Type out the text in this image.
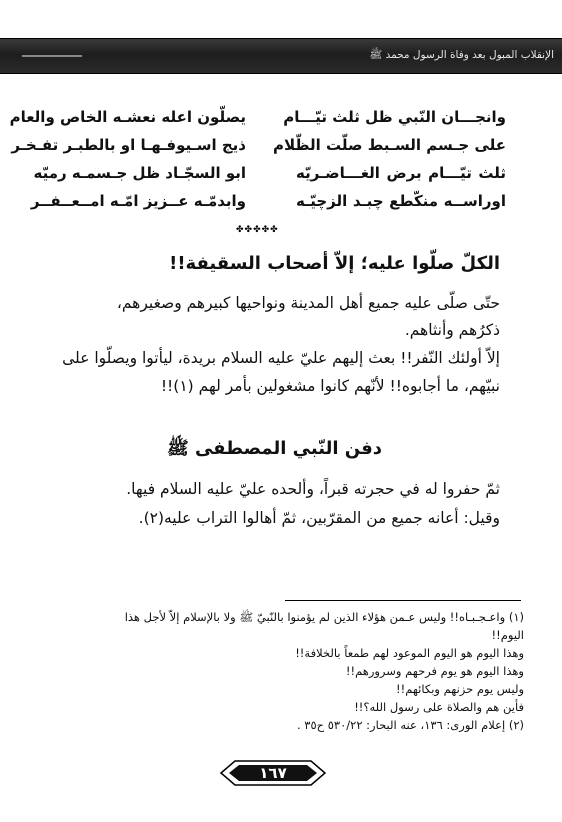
الإنقلاب المبول بعد وفاة الرسول محمد ﷺ
وانجـــان النّبي ظل ثلث تيّـــام
يصلّون اعله نعشـه الخاص والعام
على جـسم السـبط صلّت الظّلام
ذيج اسـيوفـهـا او بالطبـر تفـخـر
ثلث تيّـــام برض الغـــاضـريّه
ابو السجّـاد ظل جـسمـه رميّه
اوراســه منكّطع چبـد الزچيّـه
وابدمّـه عــزيز امّـه امــعــفــر
✤✤✤✤✤
الكلّ صلّوا عليه؛ إلاّ أصحاب السقيفة!!
حتّى صلّى عليه جميع أهل المدينة ونواحيها كبيرهم وصغيرهم،
ذكرُهم وأنثاهم.
إلاّ أولئك النّفر!! بعث إليهم عليّ عليه السلام بريدة، ليأتوا ويصلّوا على
نبيّهم، ما أجابوه!! لأنّهم كانوا مشغولين بأمر لهم (١)!!
دفن النّبي المصطفى ﷺ
ثمّ حفروا له في حجرته قبراً، وألحده عليّ عليه السلام فيها.
وقيل: أعانه جميع من المقرّبين، ثمّ أهالوا التراب عليه(٢).
(١) واعـجـبـاه!! وليس عـمن هؤلاء الذين لم يؤمنوا بالنّبيّ ﷺ ولا بالإسلام إلاّ لأجل هذا
اليوم!!
وهذا اليوم هو اليوم الموعود لهم طمعاً بالخلافة!!
وهذا اليوم هو يوم فرحهم وسرورهم!!
وليس يوم حزنهم وبكائهم!!
فأين هم والصلاة على رسول الله؟!!
(٢) إعلام الورى: ١٣٦، عنه البحار: ٥٣٠/٢٢ ح٣٥ .
١٦٧
